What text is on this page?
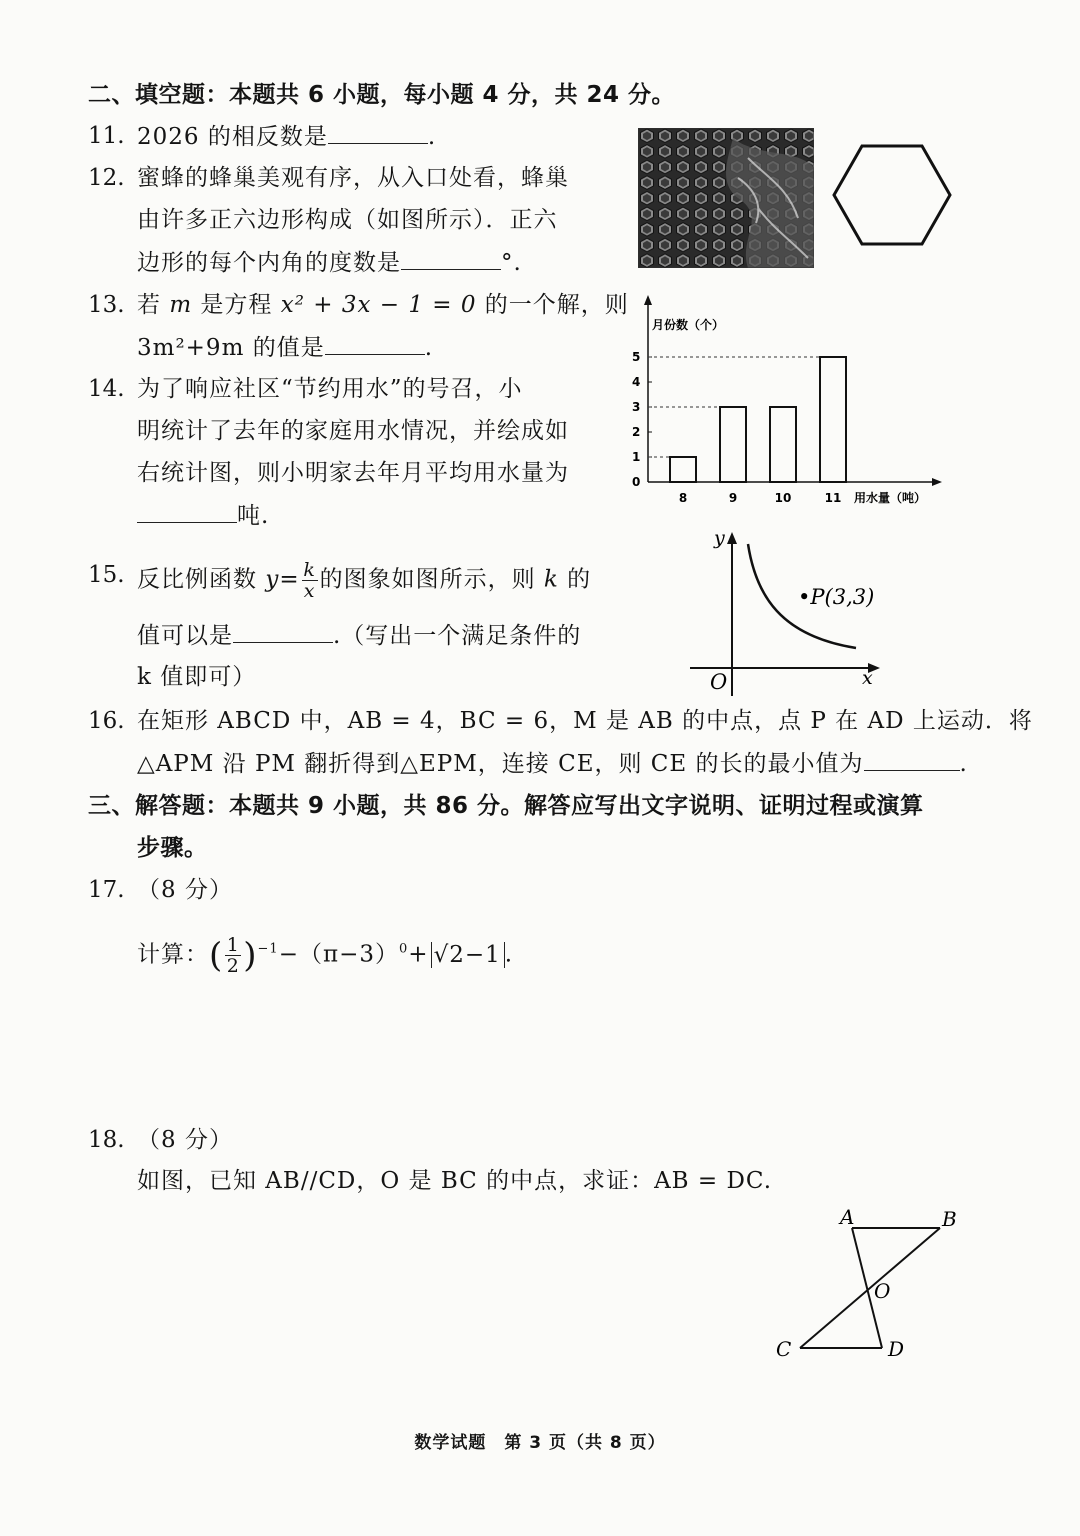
二、填空题：本题共 6 小题，每小题 4 分，共 24 分。
11. 2026 的相反数是	.
12. 蜜蜂的蜂巢美观有序，从入口处看，蜂巢
由许多正六边形构成（如图所示）．正六
边形的每个内角的度数是	°.
13. 若 m 是方程 x² + 3x − 1 = 0 的一个解，则
3m²+9m 的值是	.
14. 为了响应社区“节约用水”的号召，小
明统计了去年的家庭用水情况，并绘成如
右统计图，则小明家去年月平均用水量为
吨.
月份数（个）
用水量（吨）
0
1
2
3
4
5
8	9	10	11
15. 反比例函数 $y= \frac{k}{x}$ 的图象如图所示，则 k 的
值可以是	.（写出一个满足条件的
k 值即可）
y
x
O
•P(3,3)
16. 在矩形 ABCD 中，AB = 4，BC = 6，M 是 AB 的中点，点 P 在 AD 上运动．将
△APM 沿 PM 翻折得到△EPM，连接 CE，则 CE 的长的最小值为	.
三、解答题：本题共 9 小题，共 86 分。解答应写出文字说明、证明过程或演算
步骤。
17. （8 分）
计算：( $\frac{1}{2} )^{-1}-(\pi-3)^0+ √2-1$ .
18. （8 分）
如图，已知 AB//CD，O 是 BC 的中点，求证：AB = DC.
A	B
C	D
O
数学试题　第 3 页（共 8 页）
